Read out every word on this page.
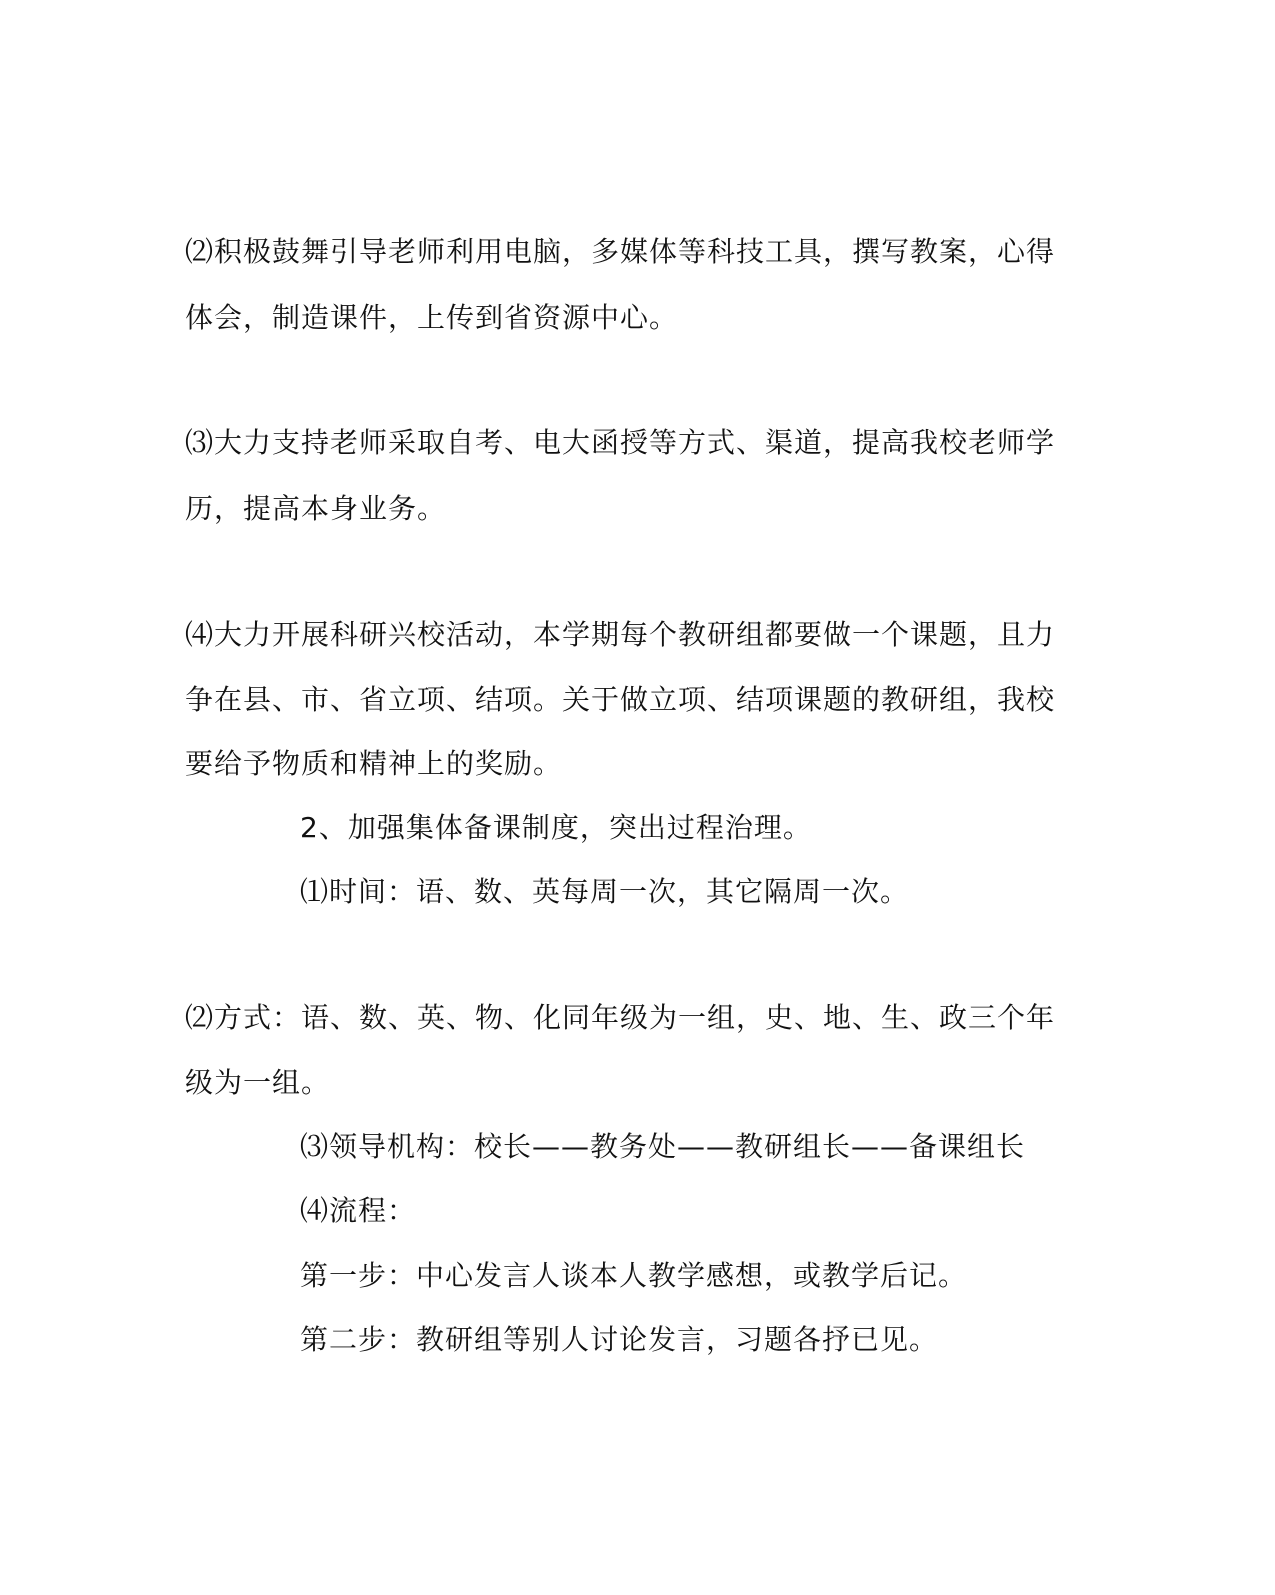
⑵积极鼓舞引导老师利用电脑，多媒体等科技工具，撰写教案，心得
体会，制造课件，上传到省资源中心。
⑶大力支持老师采取自考、电大函授等方式、渠道，提高我校老师学
历，提高本身业务。
⑷大力开展科研兴校活动，本学期每个教研组都要做一个课题，且力
争在县、市、省立项、结项。关于做立项、结项课题的教研组，我校
要给予物质和精神上的奖励。
2、加强集体备课制度，突出过程治理。
⑴时间：语、数、英每周一次，其它隔周一次。
⑵方式：语、数、英、物、化同年级为一组，史、地、生、政三个年
级为一组。
⑶领导机构：校长——教务处——教研组长——备课组长
⑷流程：
第一步：中心发言人谈本人教学感想，或教学后记。
第二步：教研组等别人讨论发言，习题各抒已见。
